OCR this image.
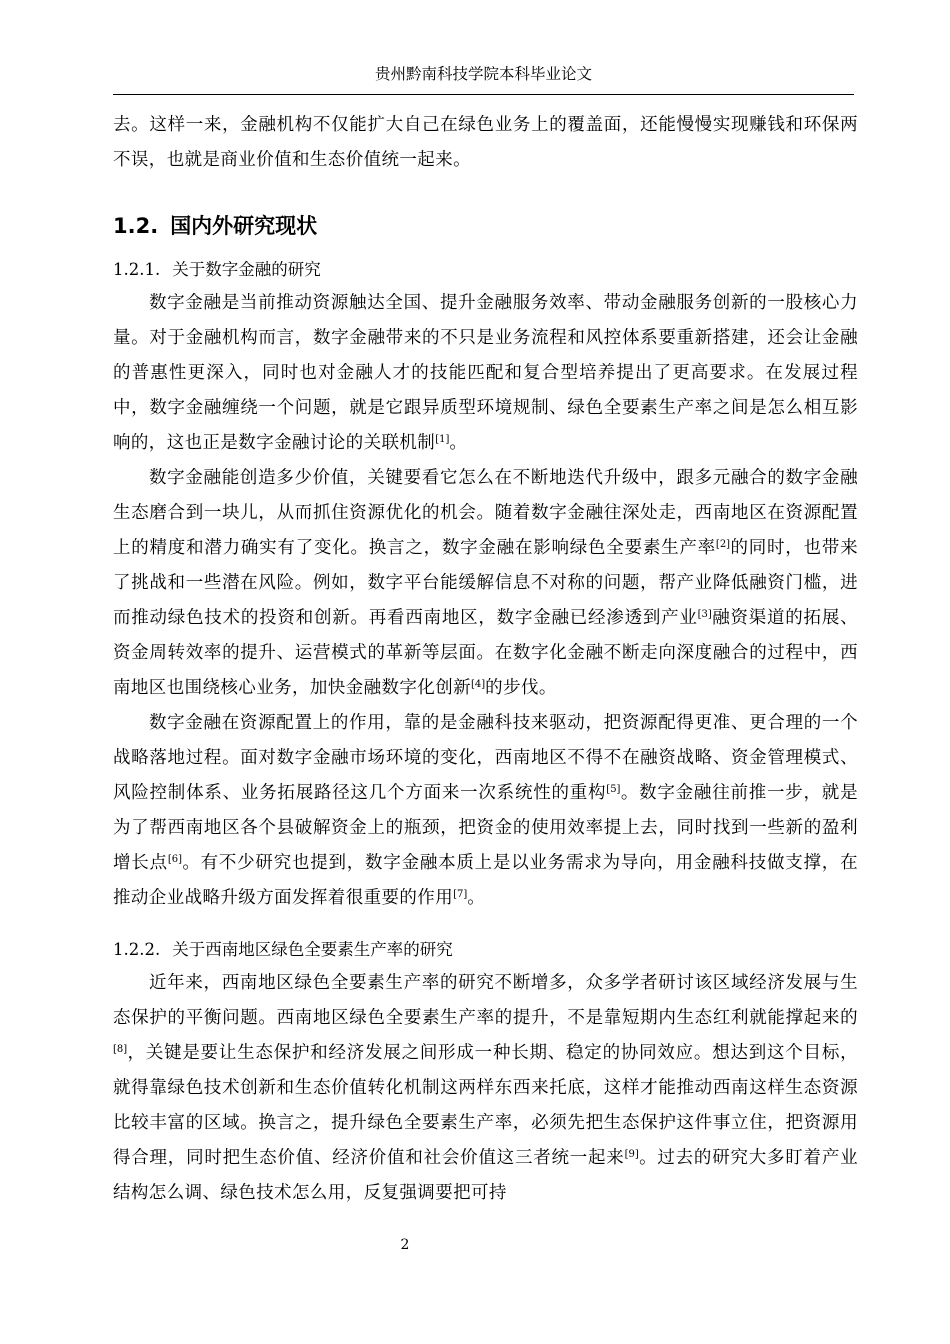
贵州黔南科技学院本科毕业论文

去。这样一来，金融机构不仅能扩大自己在绿色业务上的覆盖面，还能慢慢实现赚钱和环保两不误，也就是商业价值和生态价值统一起来。

1.2. 国内外研究现状
1.2.1. 关于数字金融的研究

数字金融是当前推动资源触达全国、提升金融服务效率、带动金融服务创新的一股核心力量。对于金融机构而言，数字金融带来的不只是业务流程和风控体系要重新搭建，还会让金融的普惠性更深入，同时也对金融人才的技能匹配和复合型培养提出了更高要求。在发展过程中，数字金融缠绕一个问题，就是它跟异质型环境规制、绿色全要素生产率之间是怎么相互影响的，这也正是数字金融讨论的关联机制[1]。

数字金融能创造多少价值，关键要看它怎么在不断地迭代升级中，跟多元融合的数字金融生态磨合到一块儿，从而抓住资源优化的机会。随着数字金融往深处走，西南地区在资源配置上的精度和潜力确实有了变化。换言之，数字金融在影响绿色全要素生产率[2]的同时，也带来了挑战和一些潜在风险。例如，数字平台能缓解信息不对称的问题，帮产业降低融资门槛，进而推动绿色技术的投资和创新。再看西南地区，数字金融已经渗透到产业[3]融资渠道的拓展、资金周转效率的提升、运营模式的革新等层面。在数字化金融不断走向深度融合的过程中，西南地区也围绕核心业务，加快金融数字化创新[4]的步伐。

数字金融在资源配置上的作用，靠的是金融科技来驱动，把资源配得更准、更合理的一个战略落地过程。面对数字金融市场环境的变化，西南地区不得不在融资战略、资金管理模式、风险控制体系、业务拓展路径这几个方面来一次系统性的重构[5]。数字金融往前推一步，就是为了帮西南地区各个县破解资金上的瓶颈，把资金的使用效率提上去，同时找到一些新的盈利增长点[6]。有不少研究也提到，数字金融本质上是以业务需求为导向，用金融科技做支撑，在推动企业战略升级方面发挥着很重要的作用[7]。

1.2.2. 关于西南地区绿色全要素生产率的研究

近年来，西南地区绿色全要素生产率的研究不断增多，众多学者研讨该区域经济发展与生态保护的平衡问题。西南地区绿色全要素生产率的提升，不是靠短期内生态红利就能撑起来的[8]，关键是要让生态保护和经济发展之间形成一种长期、稳定的协同效应。想达到这个目标，就得靠绿色技术创新和生态价值转化机制这两样东西来托底，这样才能推动西南这样生态资源比较丰富的区域。换言之，提升绿色全要素生产率，必须先把生态保护这件事立住，把资源用得合理，同时把生态价值、经济价值和社会价值这三者统一起来[9]。过去的研究大多盯着产业结构怎么调、绿色技术怎么用，反复强调要把可持

2
